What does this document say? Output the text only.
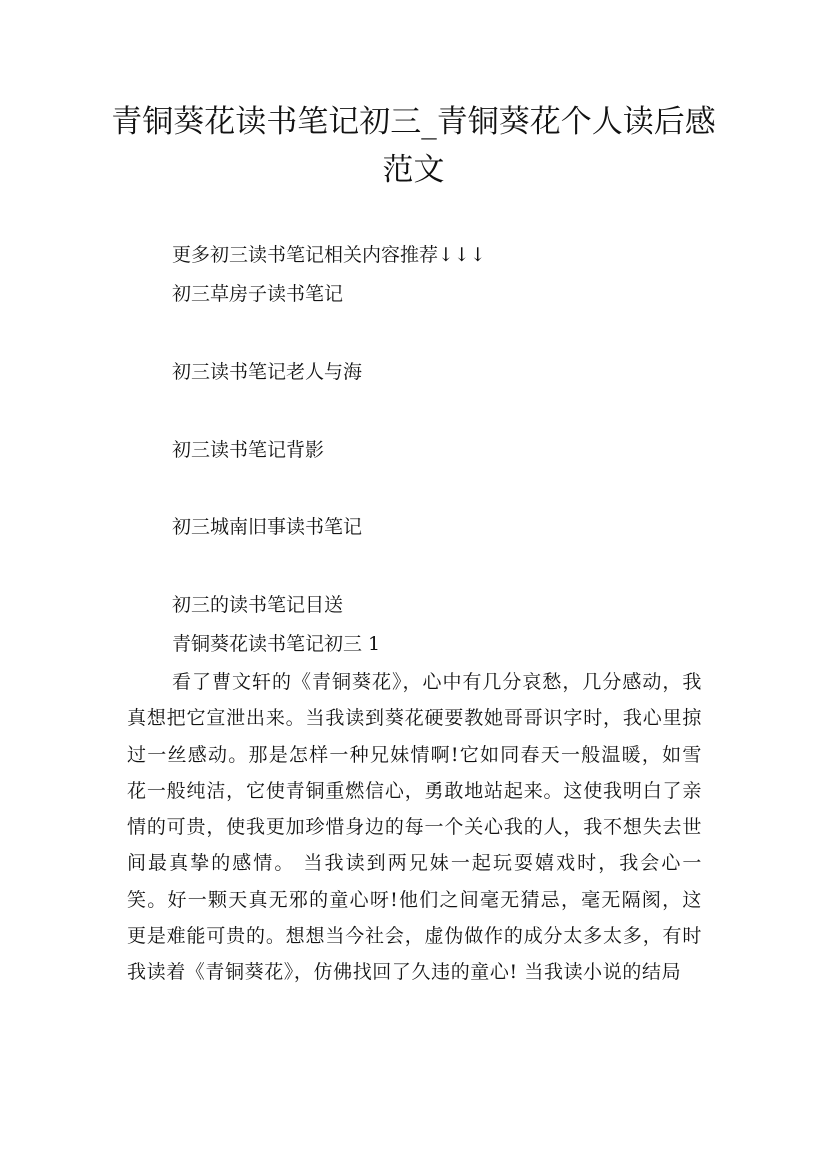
青铜葵花读书笔记初三_青铜葵花个人读后感范文

更多初三读书笔记相关内容推荐↓↓↓

初三草房子读书笔记

初三读书笔记老人与海

初三读书笔记背影

初三城南旧事读书笔记

初三的读书笔记目送

青铜葵花读书笔记初三 1

看了曹文轩的《青铜葵花》，心中有几分哀愁，几分感动，我真想把它宣泄出来。当我读到葵花硬要教她哥哥识字时，我心里掠过一丝感动。那是怎样一种兄妹情啊!它如同春天一般温暖，如雪花一般纯洁，它使青铜重燃信心，勇敢地站起来。这使我明白了亲情的可贵，使我更加珍惜身边的每一个关心我的人，我不想失去世间最真挚的感情。 当我读到两兄妹一起玩耍嬉戏时，我会心一笑。好一颗天真无邪的童心呀!他们之间毫无猜忌，毫无隔阂，这更是难能可贵的。想想当今社会，虚伪做作的成分太多太多，有时我读着《青铜葵花》，仿佛找回了久违的童心! 当我读小说的结局
